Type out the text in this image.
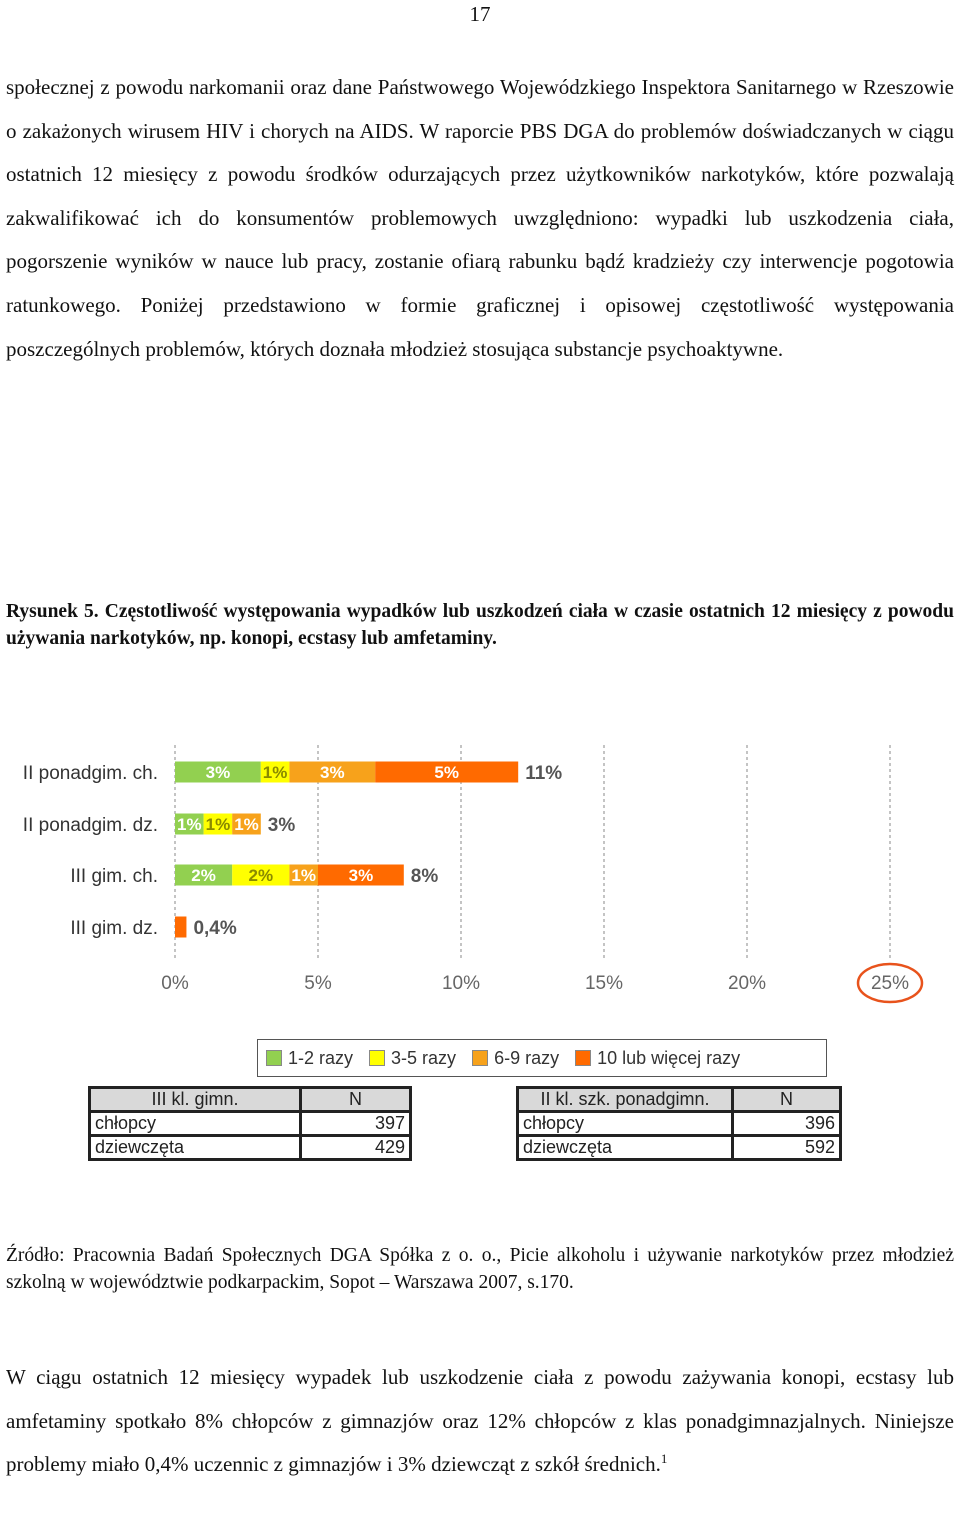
17

społecznej z powodu narkomanii oraz dane Państwowego Wojewódzkiego Inspektora Sanitarnego w Rzeszowie o zakażonych wirusem HIV i chorych na AIDS. W raporcie PBS DGA do problemów doświadczanych w ciągu ostatnich 12 miesięcy z powodu środków odurzających przez użytkowników narkotyków, które pozwalają zakwalifikować ich do konsumentów problemowych uwzględniono: wypadki lub uszkodzenia ciała, pogorszenie wyników w nauce lub pracy, zostanie ofiarą rabunku bądź kradzieży czy interwencje pogotowia ratunkowego. Poniżej przedstawiono w formie graficznej i opisowej częstotliwość występowania poszczególnych problemów, których doznała młodzież stosująca substancje psychoaktywne.

Rysunek 5. Częstotliwość występowania wypadków lub uszkodzeń ciała w czasie ostatnich 12 miesięcy z powodu używania narkotyków, np. konopi, ecstasy lub amfetaminy.

II ponadgim. ch.
II ponadgim. dz.
III gim. ch.
III gim. dz.
3% 1% 3%	5%	11%
1% 1% 1% 3%
2% 2% 1% 3% 8%
0,4%
0%	5%	10%	15%	20%	25%
1-2 razy 3-5 razy 6-9 razy 10 lub więcej razy
III kl. gimn.	N
chłopcy	397
dziewczęta	429
II kl. szk. ponadgimn.	N
chłopcy	396
dziewczęta	592

Źródło: Pracownia Badań Społecznych DGA Spółka z o. o., Picie alkoholu i używanie narkotyków przez młodzież szkolną w województwie podkarpackim, Sopot – Warszawa 2007, s.170.

W ciągu ostatnich 12 miesięcy wypadek lub uszkodzenie ciała z powodu zażywania konopi, ecstasy lub amfetaminy spotkało 8% chłopców z gimnazjów oraz 12% chłopców z klas ponadgimnazjalnych. Niniejsze problemy miało 0,4% uczennic z gimnazjów i 3% dziewcząt z szkół średnich.$^1$
